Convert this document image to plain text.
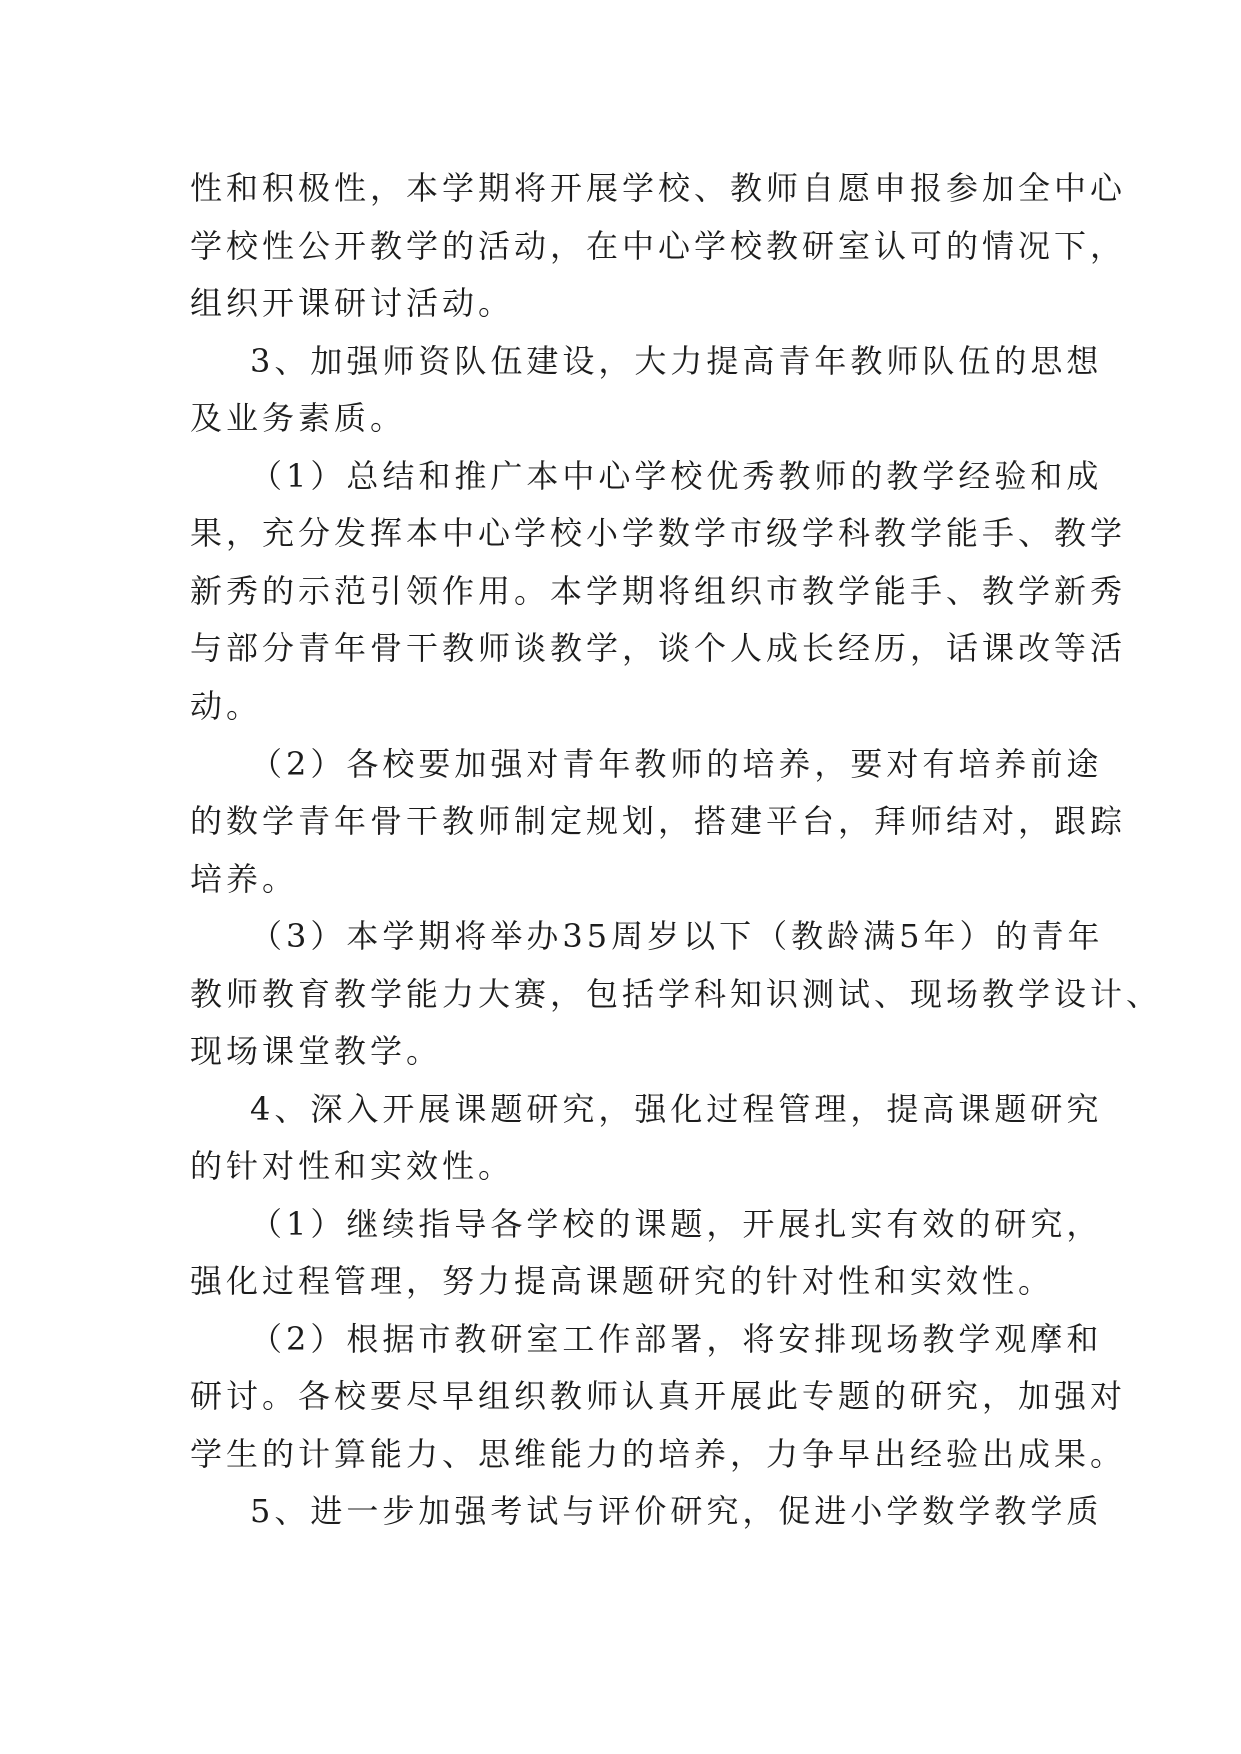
性和积极性，本学期将开展学校、教师自愿申报参加全中心
学校性公开教学的活动，在中心学校教研室认可的情况下，
组织开课研讨活动。
3、加强师资队伍建设，大力提高青年教师队伍的思想
及业务素质。
（1）总结和推广本中心学校优秀教师的教学经验和成
果，充分发挥本中心学校小学数学市级学科教学能手、教学
新秀的示范引领作用。本学期将组织市教学能手、教学新秀
与部分青年骨干教师谈教学，谈个人成长经历，话课改等活
动。
（2）各校要加强对青年教师的培养，要对有培养前途
的数学青年骨干教师制定规划，搭建平台，拜师结对，跟踪
培养。
（3）本学期将举办35周岁以下（教龄满5年）的青年
教师教育教学能力大赛，包括学科知识测试、现场教学设计、
现场课堂教学。
4、深入开展课题研究，强化过程管理，提高课题研究
的针对性和实效性。
（1）继续指导各学校的课题，开展扎实有效的研究，
强化过程管理，努力提高课题研究的针对性和实效性。
（2）根据市教研室工作部署，将安排现场教学观摩和
研讨。各校要尽早组织教师认真开展此专题的研究，加强对
学生的计算能力、思维能力的培养，力争早出经验出成果。
5、进一步加强考试与评价研究，促进小学数学教学质
